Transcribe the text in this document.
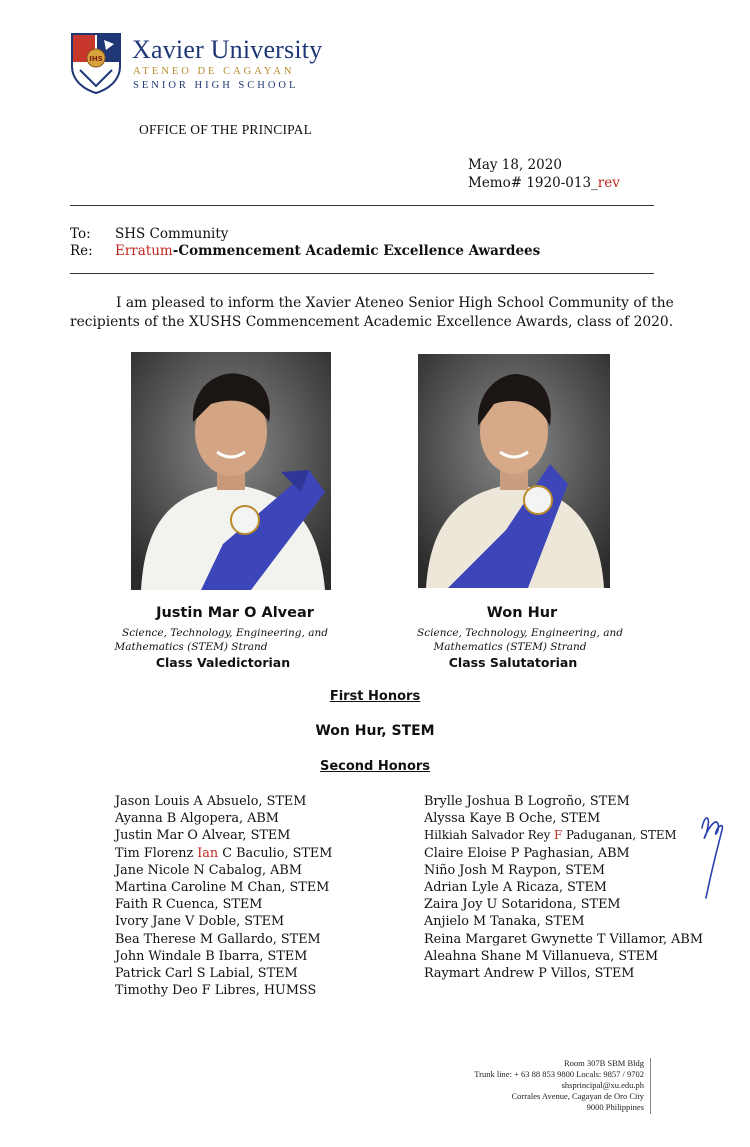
IHS Xavier University
ATENEO DE CAGAYAN
SENIOR HIGH SCHOOL
OFFICE OF THE PRINCIPAL
May 18, 2020
Memo# 1920-013_rev
To: SHS Community
Re: Erratum-Commencement Academic Excellence Awardees
I am pleased to inform the Xavier Ateneo Senior High School Community of the recipients of the XUSHS Commencement Academic Excellence Awards, class of 2020.
Justin Mar O Alvear
Science, Technology, Engineering, and
Mathematics (STEM) Strand
Class Valedictorian
Won Hur
Science, Technology, Engineering, and
Mathematics (STEM) Strand
Class Salutatorian
First Honors
Won Hur, STEM
Second Honors
Jason Louis A Absuelo, STEM
Ayanna B Algopera, ABM
Justin Mar O Alvear, STEM
Tim Florenz Ian C Baculio, STEM
Jane Nicole N Cabalog, ABM
Martina Caroline M Chan, STEM
Faith R Cuenca, STEM
Ivory Jane V Doble, STEM
Bea Therese M Gallardo, STEM
John Windale B Ibarra, STEM
Patrick Carl S Labial, STEM
Timothy Deo F Libres, HUMSS
Brylle Joshua B Logroño, STEM
Alyssa Kaye B Oche, STEM
Hilkiah Salvador Rey F Paduganan, STEM
Claire Eloise P Paghasian, ABM
Niño Josh M Raypon, STEM
Adrian Lyle A Ricaza, STEM
Zaira Joy U Sotaridona, STEM
Anjielo M Tanaka, STEM
Reina Margaret Gwynette T Villamor, ABM
Aleahna Shane M Villanueva, STEM
Raymart Andrew P Villos, STEM
Room 307B SBM Bldg
Trunk line: + 63 88 853 9800 Locals: 9857 / 9702
shsprincipal@xu.edu.ph
Corrales Avenue, Cagayan de Oro City
9000 Philippines
